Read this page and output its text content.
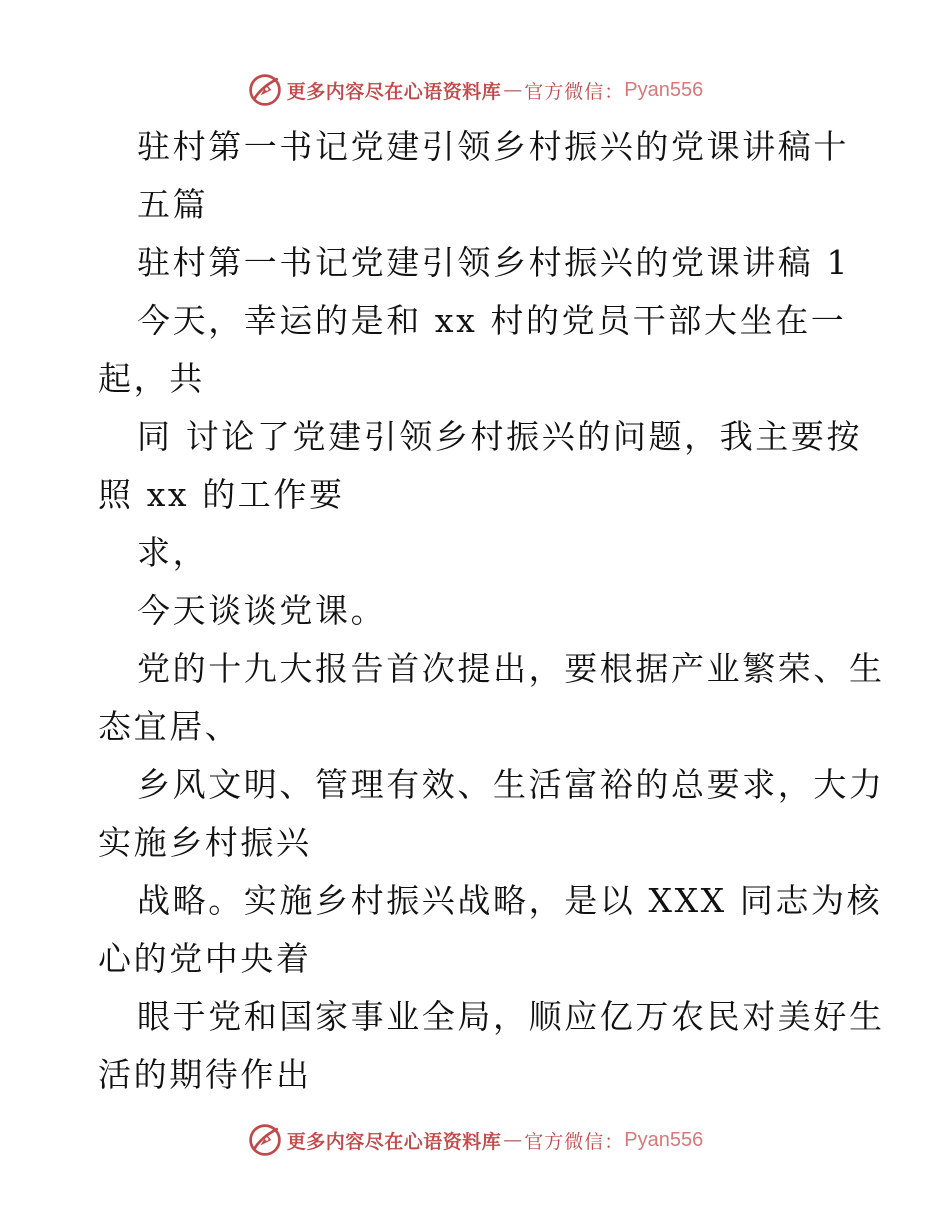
更多内容尽在心语资料库 — 官方微信： Pyan556
驻村第一书记党建引领乡村振兴的党课讲稿十
五篇
驻村第一书记党建引领乡村振兴的党课讲稿 1
今天，幸运的是和 xx 村的党员干部大坐在一
起，共
同 讨论了党建引领乡村振兴的问题，我主要按
照 xx 的工作要
求，
今天谈谈党课。
党的十九大报告首次提出，要根据产业繁荣、生
态宜居、
乡风文明、管理有效、生活富裕的总要求，大力
实施乡村振兴
战略。实施乡村振兴战略，是以 XXX 同志为核
心的党中央着
眼于党和国家事业全局，顺应亿万农民对美好生
活的期待作出
更多内容尽在心语资料库 — 官方微信： Pyan556
